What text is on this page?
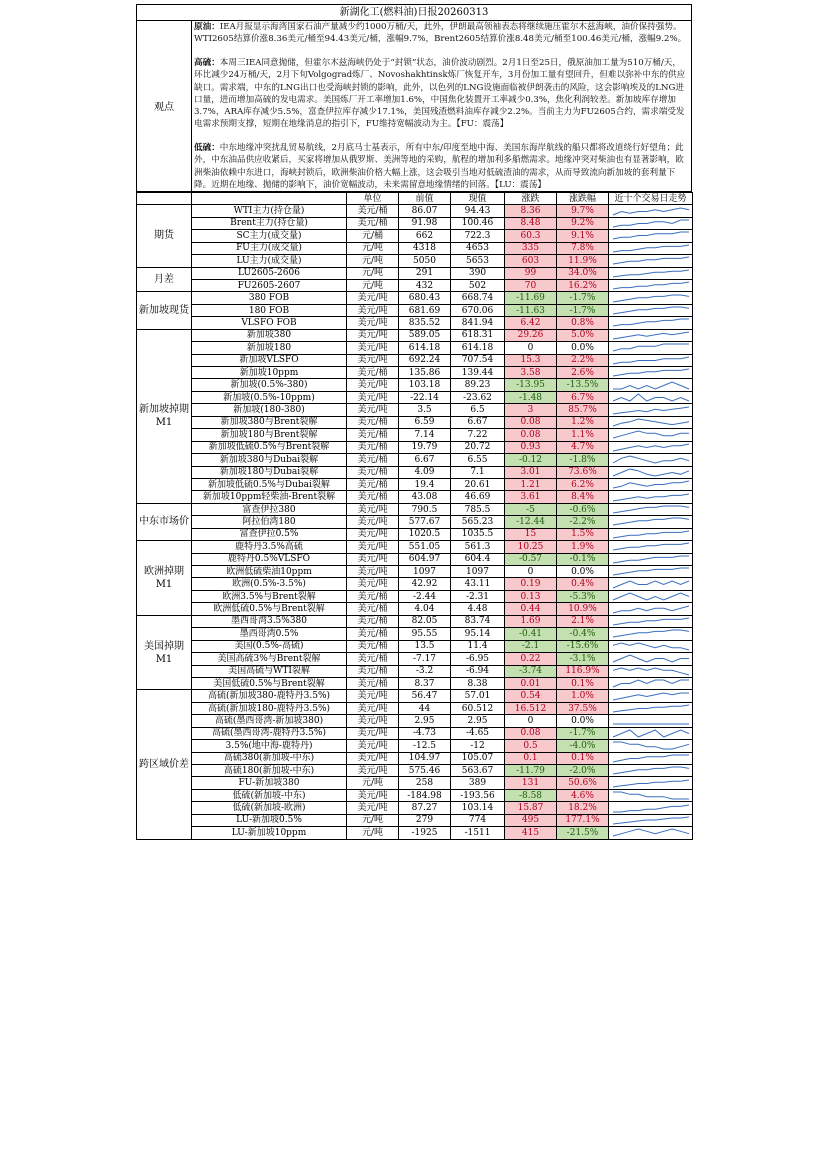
新湖化工(燃料油)日报20260313
观点
原油：IEA月报显示海湾国家石油产量减少约1000万桶/天，此外，伊朗最高领袖表态将继续施压霍尔木兹海峡，油价保持强势。WTI2605结算价涨8.36美元/桶至94.43美元/桶，涨幅9.7%，Brent2605结算价涨8.48美元/桶至100.46美元/桶，涨幅9.2%。
高硫：本周三IEA同意抛储，但霍尔木兹海峡仍处于“封锁”状态，油价波动剧烈。2月1日至25日，俄原油加工量为510万桶/天，环比减少24万桶/天，2月下旬Volgograd炼厂、Novoshakhtinsk炼厂恢复开车，3月份加工量有望回升，但难以弥补中东的供应缺口。需求端，中东的LNG出口也受海峡封锁的影响，此外，以色列的LNG设施面临被伊朗袭击的风险，这会影响埃及的LNG进口量，进而增加高硫的发电需求。美国炼厂开工率增加1.6%，中国焦化装置开工率减少0.3%，焦化利润较差。新加坡库存增加3.7%，ARA库存减少5.5%，富查伊拉库存减少17.1%，美国残渣燃料油库存减少2.2%。当前主力为FU2605合约，需求端受发电需求预期支撑，短期在地缘消息的指引下，FU维持宽幅波动为主。【FU：震荡】
低硫：中东地缘冲突扰乱贸易航线，2月底马士基表示，所有中东/印度至地中海、美国东海岸航线的船只都将改道绕行好望角；此外，中东油品供应收紧后，买家将增加从俄罗斯、美洲等地的采购，航程的增加利多船燃需求。地缘冲突对柴油也有显著影响，欧洲柴油依赖中东进口，海峡封锁后，欧洲柴油价格大幅上涨，这会吸引当地对低硫渣油的需求，从而导致流向新加坡的套利量下降。近期在地缘、抛储的影响下，油价宽幅波动，未来需留意地缘情绪的回落。【LU：震荡】
		单位	前值	现值	涨跌	涨跌幅	近十个交易日走势
期货	WTI主力(持仓量)	美元/桶	86.07	94.43	8.36	9.7%	

	Brent主力(持仓量)	美元/桶	91.98	100.46	8.48	9.2%	

	SC主力(成交量)	元/桶	662	722.3	60.3	9.1%	

	FU主力(成交量)	元/吨	4318	4653	335	7.8%	

	LU主力(成交量)	元/吨	5050	5653	603	11.9%	

月差	LU2605-2606	元/吨	291	390	99	34.0%	

	FU2605-2607	元/吨	432	502	70	16.2%	

新加坡现货	380 FOB	美元/吨	680.43	668.74	-11.69	-1.7%	

	180 FOB	美元/吨	681.69	670.06	-11.63	-1.7%	

	VLSFO FOB	美元/吨	835.52	841.94	6.42	0.8%	

新加坡掉期M1	新加坡380	美元/吨	589.05	618.31	29.26	5.0%	

	新加坡180	美元/吨	614.18	614.18	0	0.0%	

	新加坡VLSFO	美元/吨	692.24	707.54	15.3	2.2%	

	新加坡10ppm	美元/桶	135.86	139.44	3.58	2.6%	

	新加坡(0.5%-380)	美元/吨	103.18	89.23	-13.95	-13.5%	

	新加坡(0.5%-10ppm)	美元/吨	-22.14	-23.62	-1.48	6.7%	

	新加坡(180-380)	美元/吨	3.5	6.5	3	85.7%	

	新加坡380与Brent裂解	美元/桶	6.59	6.67	0.08	1.2%	

	新加坡180与Brent裂解	美元/桶	7.14	7.22	0.08	1.1%	

	新加坡低硫0.5%与Brent裂解	美元/桶	19.79	20.72	0.93	4.7%	

	新加坡380与Dubai裂解	美元/桶	6.67	6.55	-0.12	-1.8%	

	新加坡180与Dubai裂解	美元/桶	4.09	7.1	3.01	73.6%	

	新加坡低硫0.5%与Dubai裂解	美元/桶	19.4	20.61	1.21	6.2%	

	新加坡10ppm轻柴油-Brent裂解	美元/桶	43.08	46.69	3.61	8.4%	

中东市场价	富查伊拉380	美元/吨	790.5	785.5	-5	-0.6%	

	阿拉伯湾180	美元/吨	577.67	565.23	-12.44	-2.2%	

	富查伊拉0.5%	美元/吨	1020.5	1035.5	15	1.5%	

欧洲掉期M1	鹿特丹3.5%高硫	美元/吨	551.05	561.3	10.25	1.9%	

	鹿特丹0.5%VLSFO	美元/吨	604.97	604.4	-0.57	-0.1%	

	欧洲低硫柴油10ppm	美元/吨	1097	1097	0	0.0%	

	欧洲(0.5%-3.5%)	美元/吨	42.92	43.11	0.19	0.4%	

	欧洲3.5%与Brent裂解	美元/桶	-2.44	-2.31	0.13	-5.3%	

	欧洲低硫0.5%与Brent裂解	美元/桶	4.04	4.48	0.44	10.9%	

美国掉期M1	墨西哥湾3.5%380	美元/桶	82.05	83.74	1.69	2.1%	

	墨西哥湾0.5%	美元/桶	95.55	95.14	-0.41	-0.4%	

	美国(0.5%-高硫)	美元/桶	13.5	11.4	-2.1	-15.6%	

	美国高硫3%与Brent裂解	美元/桶	-7.17	-6.95	0.22	-3.1%	

	美国高硫与WTI裂解	美元/桶	-3.2	-6.94	-3.74	116.9%	

	美国低硫0.5%与Brent裂解	美元/桶	8.37	8.38	0.01	0.1%	

跨区域价差	高硫(新加坡380-鹿特丹3.5%)	美元/吨	56.47	57.01	0.54	1.0%	

	高硫(新加坡180-鹿特丹3.5%)	美元/吨	44	60.512	16.512	37.5%	

	高硫(墨西哥湾-新加坡380)	美元/吨	2.95	2.95	0	0.0%	

	高硫(墨西哥湾-鹿特丹3.5%)	美元/吨	-4.73	-4.65	0.08	-1.7%	

	3.5%(地中海-鹿特丹)	美元/吨	-12.5	-12	0.5	-4.0%	

	高硫380(新加坡-中东)	美元/吨	104.97	105.07	0.1	0.1%	

	高硫180(新加坡-中东)	美元/吨	575.46	563.67	-11.79	-2.0%	

	FU-新加坡380	元/吨	258	389	131	50.6%	

	低硫(新加坡-中东)	美元/吨	-184.98	-193.56	-8.58	4.6%	

	低硫(新加坡-欧洲)	美元/吨	87.27	103.14	15.87	18.2%	

	LU-新加坡0.5%	元/吨	279	774	495	177.1%	

	LU-新加坡10ppm	元/吨	-1925	-1511	415	-21.5%	
